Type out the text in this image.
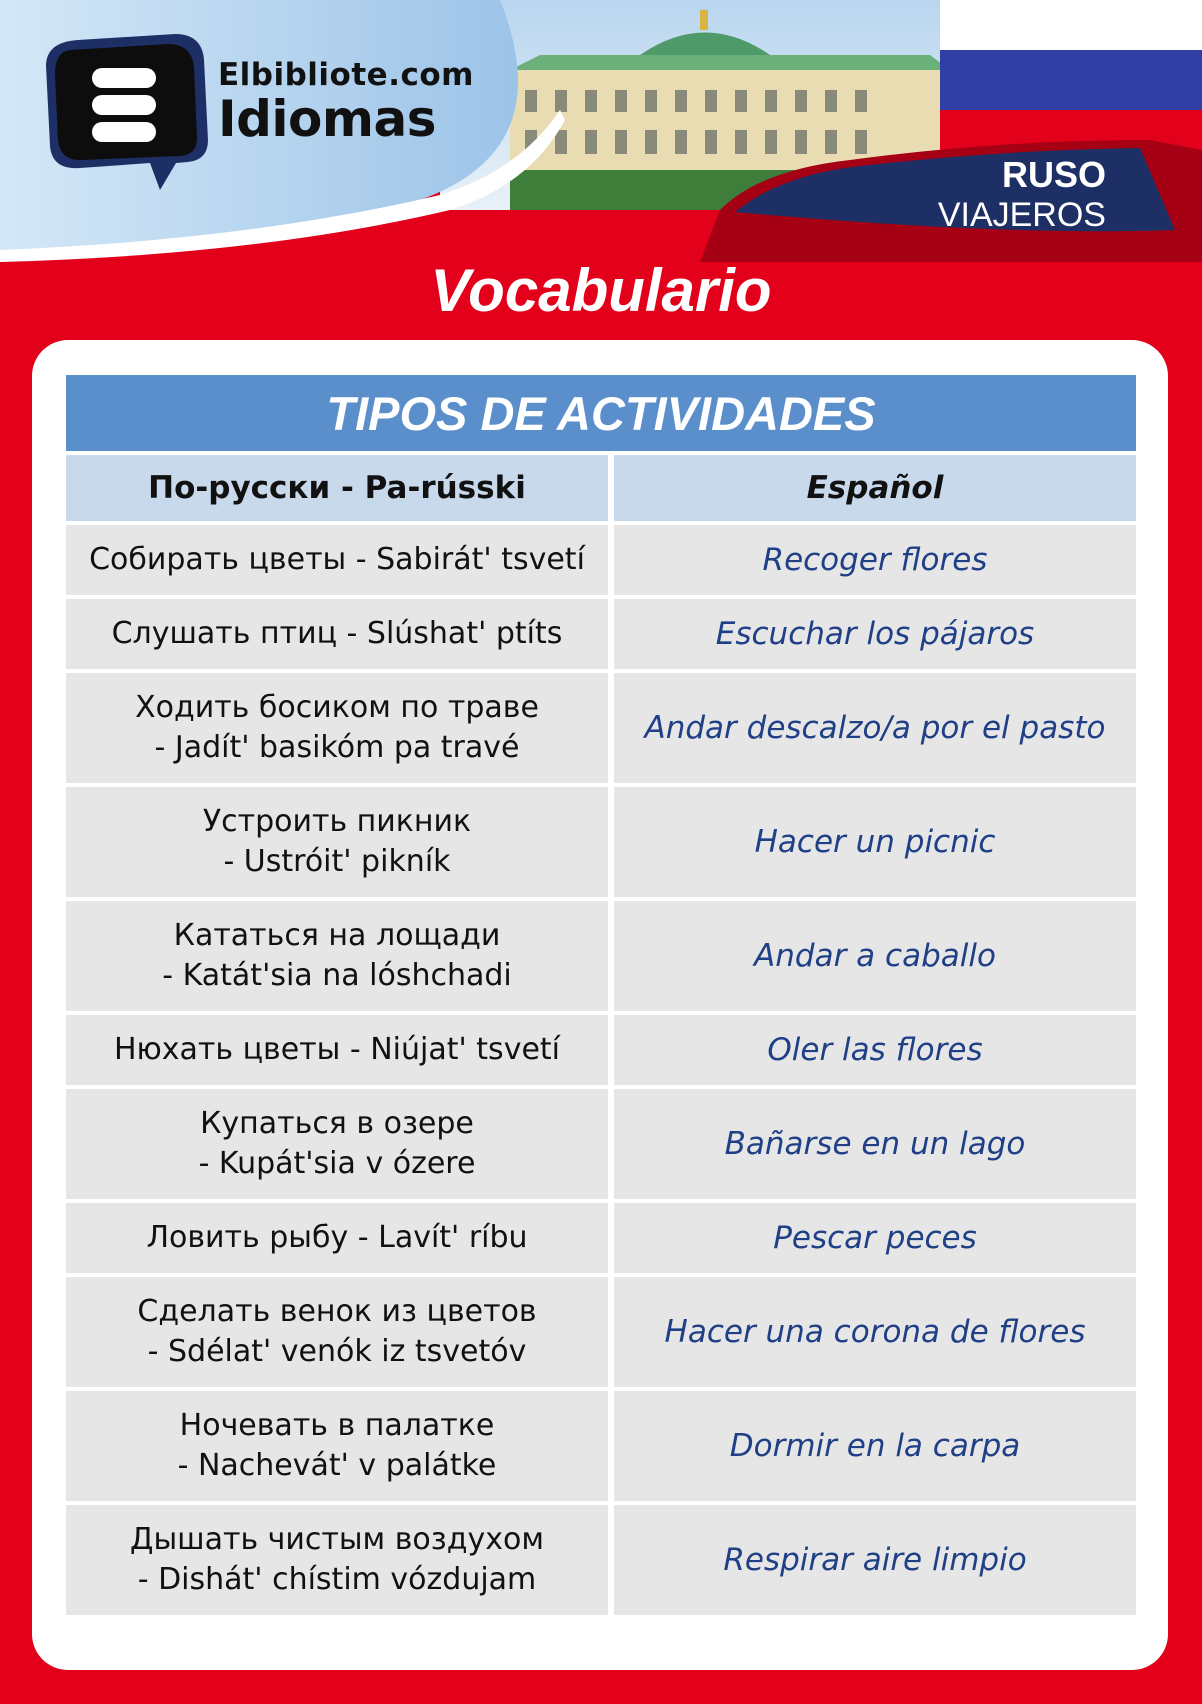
Elbibliote.com
Idiomas
RUSO
VIAJEROS
Vocabulario
TIPOS DE ACTIVIDADES	
По-русски - Pa-rússki	Español

Собирать цветы - Sabirát' tsvetí	Recoger flores

Слушать птиц - Slúshat' ptíts	Escuchar los pájaros

Ходить босиком по траве
- Jadít' basikóm pa travé	Andar descalzo/a por el pasto

Устроить пикник
- Ustróit' pikník	Hacer un picnic

Кататься на лощади
- Katát'sia na lóshchadi	Andar a caballo

Нюхать цветы - Niújat' tsvetí	Oler las flores

Купаться в озере
- Kupát'sia v ózere	Bañarse en un lago

Ловить рыбу - Lavít' ríbu	Pescar peces

Сделать венок из цветов
- Sdélat' venók iz tsvetóv	Hacer una corona de flores

Ночевать в палатке
- Nachevát' v palátke	Dormir en la carpa

Дышать чистым воздухом
- Dishát' chístim vózdujam	Respirar aire limpio
